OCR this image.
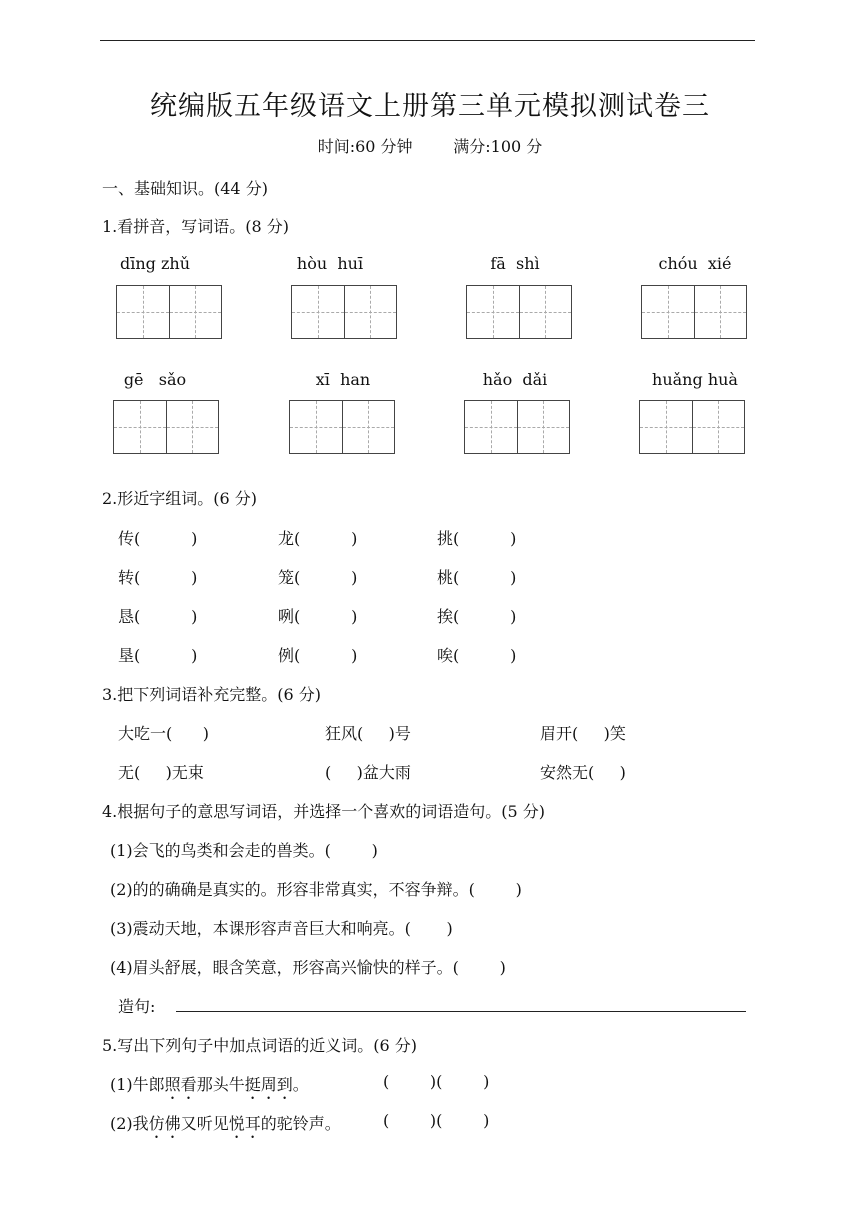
统编版五年级语文上册第三单元模拟测试卷三
时间:60 分钟        满分:100 分
一、基础知识。(44 分)
1.看拼音，写词语。(8 分)
dīng zhǔ	hòu  huī	fā  shì	chóu  xié
gē   sǎo	xī  han	hǎo  dǎi	huǎng huà
2.形近字组词。(6 分)
传(          )	龙(          )	挑(          )
转(          )	笼(          )	桃(          )
恳(          )	咧(          )	挨(          )
垦(          )	例(          )	唉(          )
3.把下列词语补充完整。(6 分)
大吃一(      )	狂风(     )号	眉开(     )笑
无(     )无束	(     )盆大雨	安然无(     )
4.根据句子的意思写词语，并选择一个喜欢的词语造句。(5 分)
(1)会飞的鸟类和会走的兽类。(        )
(2)的的确确是真实的。形容非常真实，不容争辩。(        )
(3)震动天地，本课形容声音巨大和响亮。(       )
(4)眉头舒展，眼含笑意，形容高兴愉快的样子。(        )
造句:
5.写出下列句子中加点词语的近义词。(6 分)
(1)牛郎照看那头牛挺周到。	(        )(        )
(2)我仿佛又听见悦耳的驼铃声。	(        )(        )
